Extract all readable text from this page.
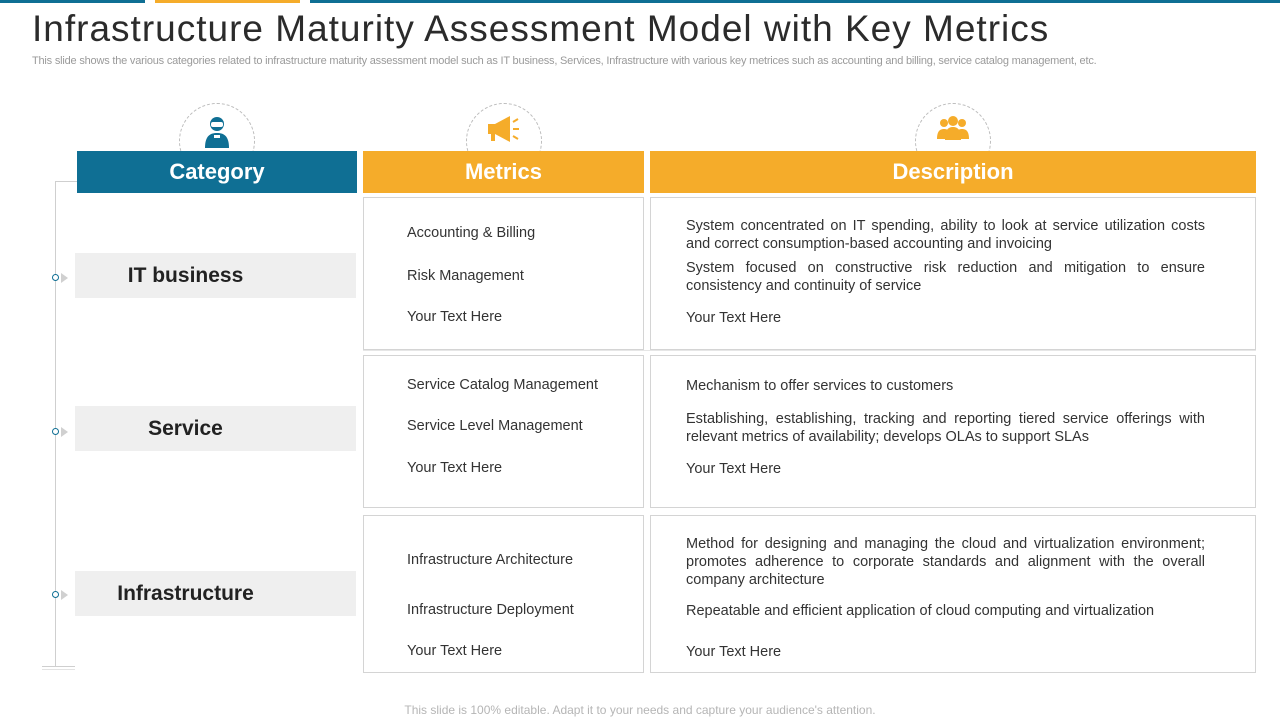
Infrastructure Maturity Assessment Model with Key Metrics
This slide shows the various categories related to infrastructure maturity assessment model such as IT business, Services, Infrastructure with various key metrices such as accounting and billing, service catalog management, etc.
Category	Metrics	Description
IT business
Service
Infrastructure
Accounting & Billing
Risk Management
Your Text Here
System concentrated on IT spending, ability to look at service utilization costs and correct consumption-based accounting and invoicing
System focused on constructive risk reduction and mitigation to ensure consistency and continuity of service
Your Text Here
Service Catalog Management
Service Level Management
Your Text Here
Mechanism to offer services to customers
Establishing, establishing, tracking and reporting tiered service offerings with relevant metrics of availability; develops OLAs to support SLAs
Your Text Here
Infrastructure Architecture
Infrastructure Deployment
Your Text Here
Method for designing and managing the cloud and virtualization environment; promotes adherence to corporate standards and alignment with the overall company architecture
Repeatable and efficient application of cloud computing and virtualization
Your Text Here
This slide is 100% editable. Adapt it to your needs and capture your audience's attention.
